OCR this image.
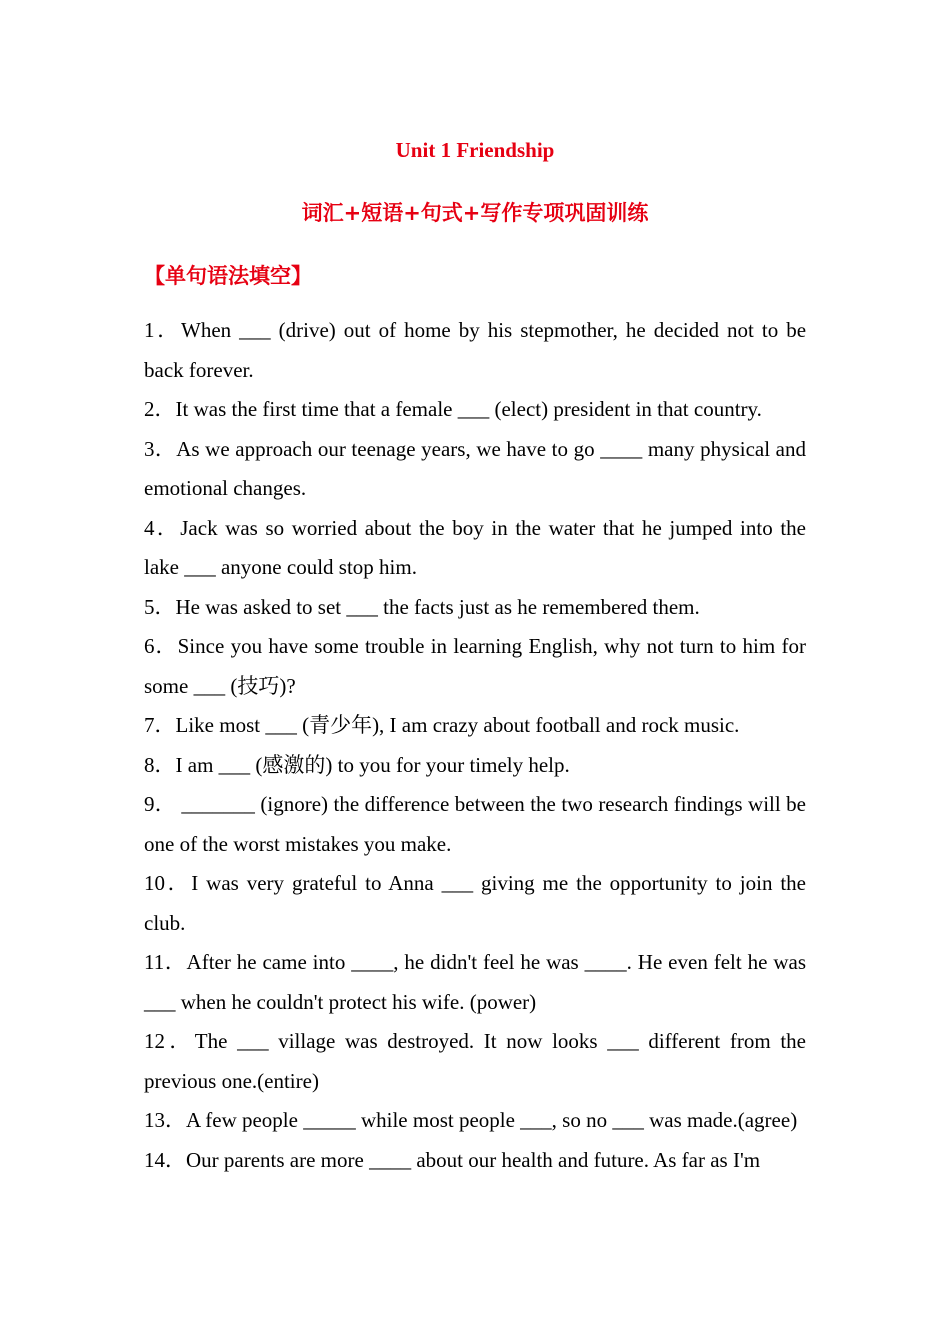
Unit 1 Friendship
词汇+短语+句式+写作专项巩固训练
【单句语法填空】
1．When ___ (drive) out of home by his stepmother, he decided not to be back forever.
2．It was the first time that a female ___ (elect) president in that country.
3．As we approach our teenage years, we have to go ____ many physical and emotional changes.
4．Jack was so worried about the boy in the water that he jumped into the lake ___ anyone could stop him.
5．He was asked to set ___ the facts just as he remembered them.
6．Since you have some trouble in learning English, why not turn to him for some ___ (技巧)?
7．Like most ___ (青少年), I am crazy about football and rock music.
8．I am ___ (感激的) to you for your timely help.
9． _______ (ignore) the difference between the two research findings will be one of the worst mistakes you make.
10．I was very grateful to Anna ___ giving me the opportunity to join the club.
11．After he came into ____, he didn't feel he was ____. He even felt he was ___ when he couldn't protect his wife. (power)
12．The ___ village was destroyed. It now looks ___ different from the previous one.(entire)
13．A few people _____ while most people ___, so no ___ was made.(agree)
14．Our parents are more ____ about our health and future. As far as I'm
